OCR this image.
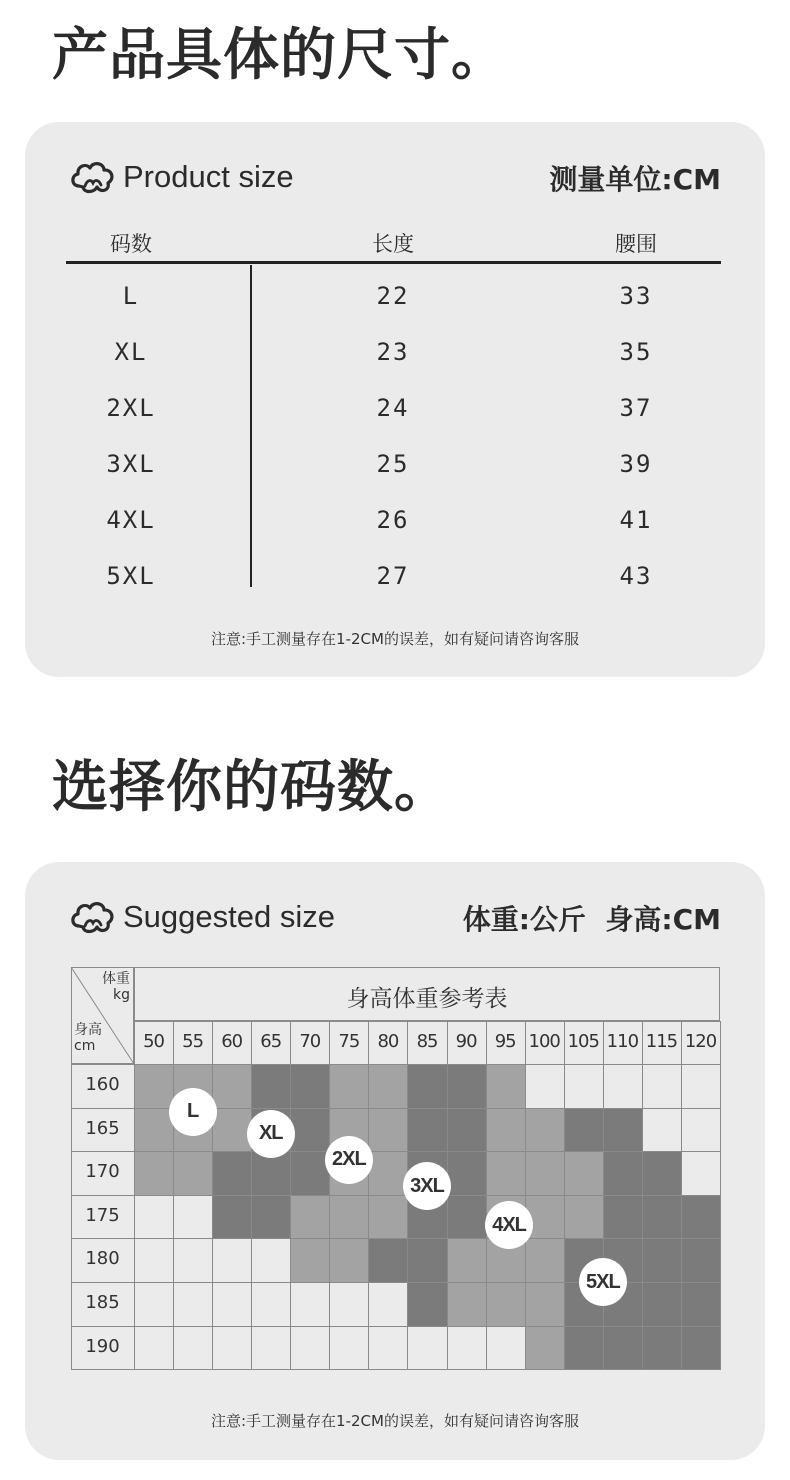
产品具体的尺寸。
Product size	测量单位:CM
码数	长度	腰围
L	22	33
XL	23	35
2XL	24	37
3XL	25	39
4XL	26	41
5XL	27	43
注意:手工测量存在1-2CM的误差，如有疑问请咨询客服
选择你的码数。
Suggested size	体重:公斤  身高:CM
体重
kg
身高
cm
身高体重参考表
50	55	60	65	70	75	80	85	90	95 100 105 110 115 120
160
165
170
175
180
185
190
L
XL
2XL
3XL
4XL
5XL
注意:手工测量存在1-2CM的误差，如有疑问请咨询客服
